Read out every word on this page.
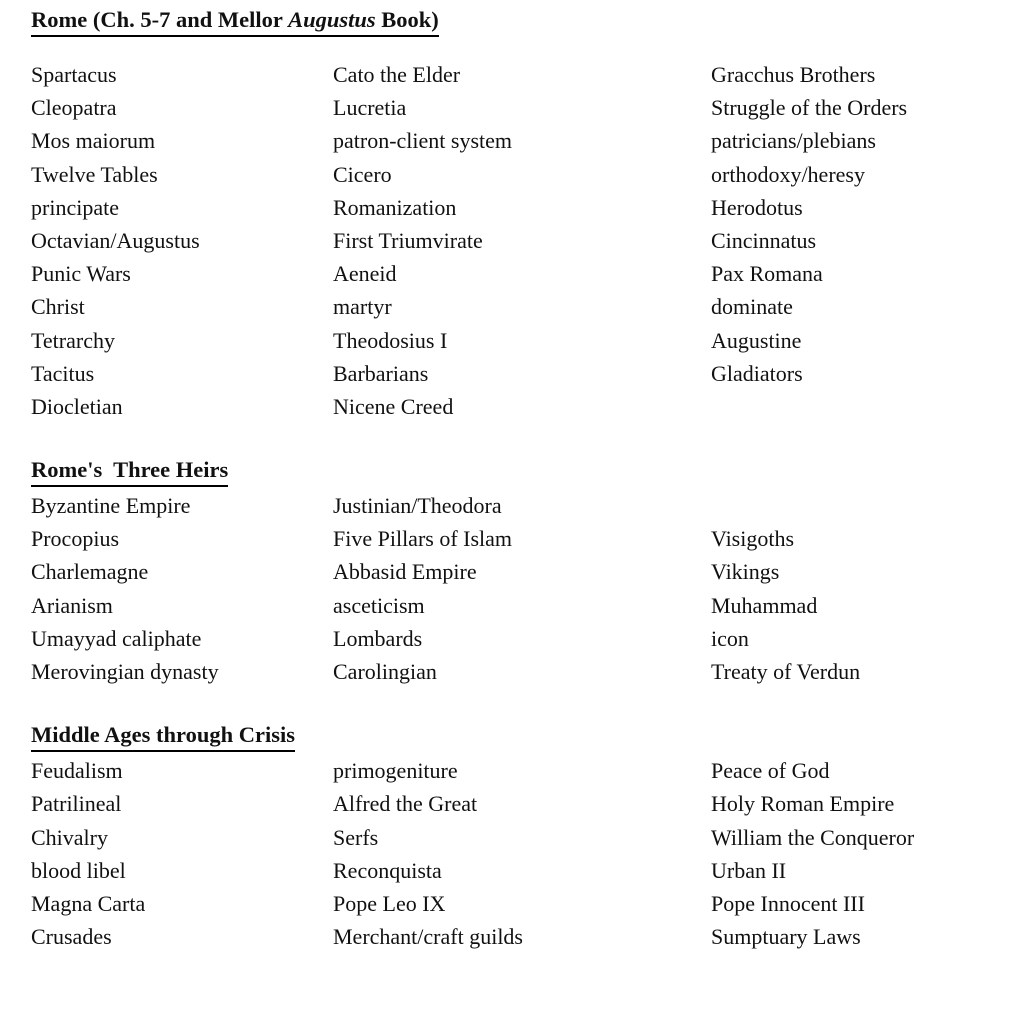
Rome (Ch. 5-7 and Mellor Augustus Book)
Spartacus	Cato the Elder	Gracchus Brothers
Cleopatra	Lucretia	Struggle of the Orders
Mos maiorum	patron-client system	patricians/plebians
Twelve Tables	Cicero	orthodoxy/heresy
principate	Romanization	Herodotus
Octavian/Augustus	First Triumvirate	Cincinnatus
Punic Wars	Aeneid	Pax Romana
Christ	martyr	dominate
Tetrarchy	Theodosius I	Augustine
Tacitus	Barbarians	Gladiators
Diocletian	Nicene Creed
Rome's  Three Heirs
Byzantine Empire	Justinian/Theodora
Procopius	Five Pillars of Islam	Visigoths
Charlemagne	Abbasid Empire	Vikings
Arianism	asceticism	Muhammad
Umayyad caliphate	Lombards	icon
Merovingian dynasty	Carolingian	Treaty of Verdun
Middle Ages through Crisis
Feudalism	primogeniture	Peace of God
Patrilineal	Alfred the Great	Holy Roman Empire
Chivalry	Serfs	William the Conqueror
blood libel	Reconquista	Urban II
Magna Carta	Pope Leo IX	Pope Innocent III
Crusades	Merchant/craft guilds	Sumptuary Laws
